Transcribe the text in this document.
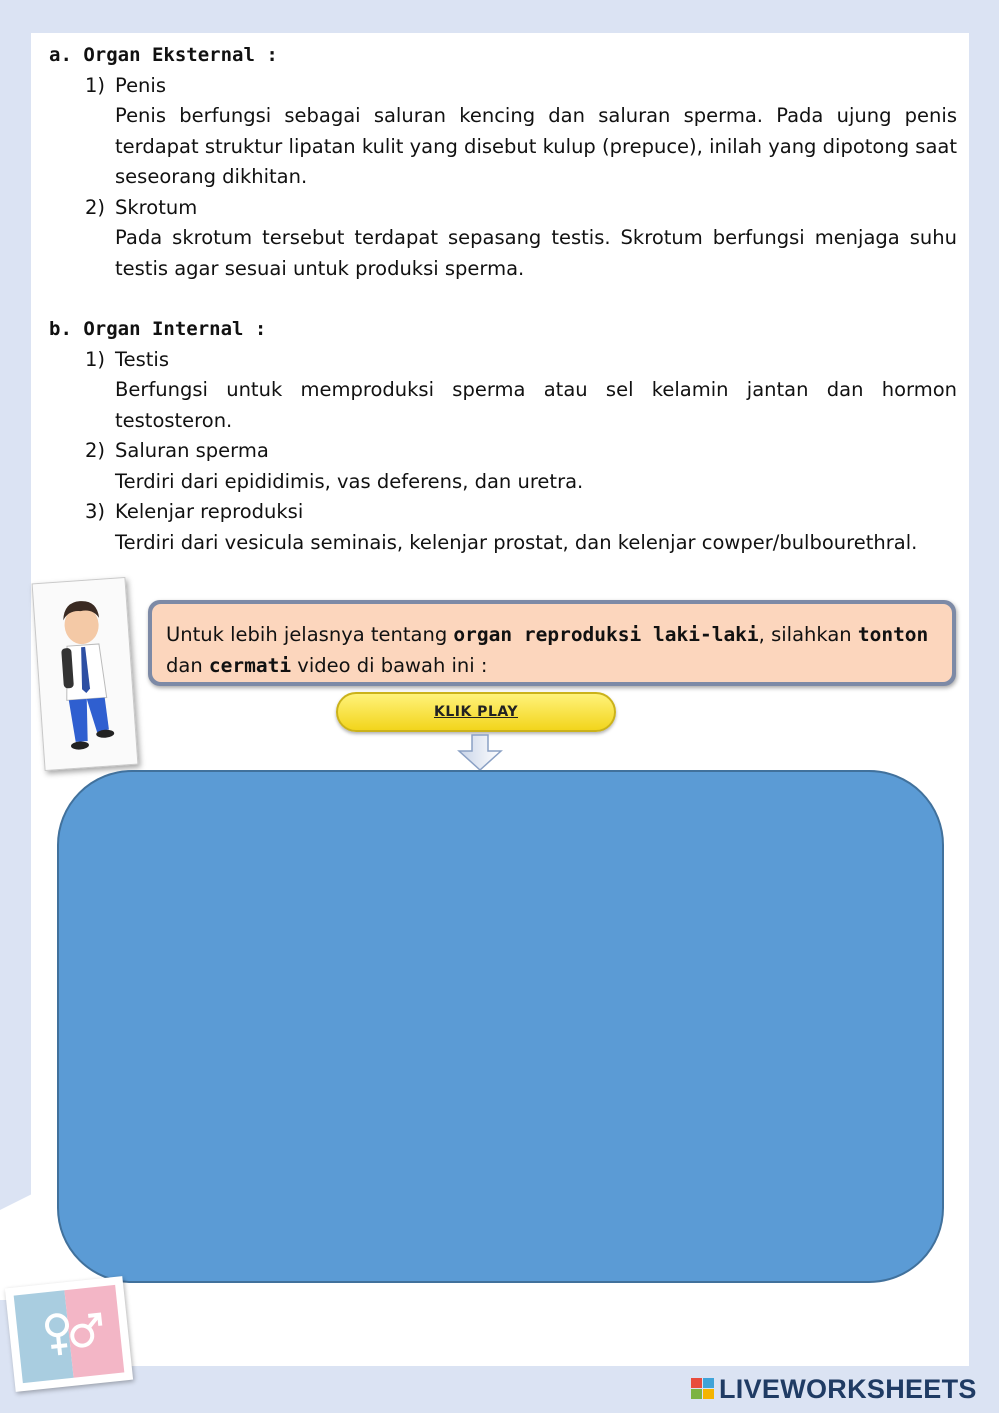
a. Organ Eksternal :
1) Penis
Penis berfungsi sebagai saluran kencing dan saluran sperma. Pada ujung penis terdapat struktur lipatan kulit yang disebut kulup (prepuce), inilah yang dipotong saat seseorang dikhitan.
2) Skrotum
Pada skrotum tersebut terdapat sepasang testis. Skrotum berfungsi menjaga suhu testis agar sesuai untuk produksi sperma.
b. Organ Internal :
1) Testis
Berfungsi untuk memproduksi sperma atau sel kelamin jantan dan hormon testosteron.
2) Saluran sperma
Terdiri dari epididimis, vas deferens, dan uretra.
3) Kelenjar reproduksi
Terdiri dari vesicula seminais, kelenjar prostat, dan kelenjar cowper/bulbourethral.
Untuk lebih jelasnya tentang organ reproduksi laki-laki, silahkan tonton dan cermati video di bawah ini :
KLIK PLAY
LIVEWORKSHEETS
